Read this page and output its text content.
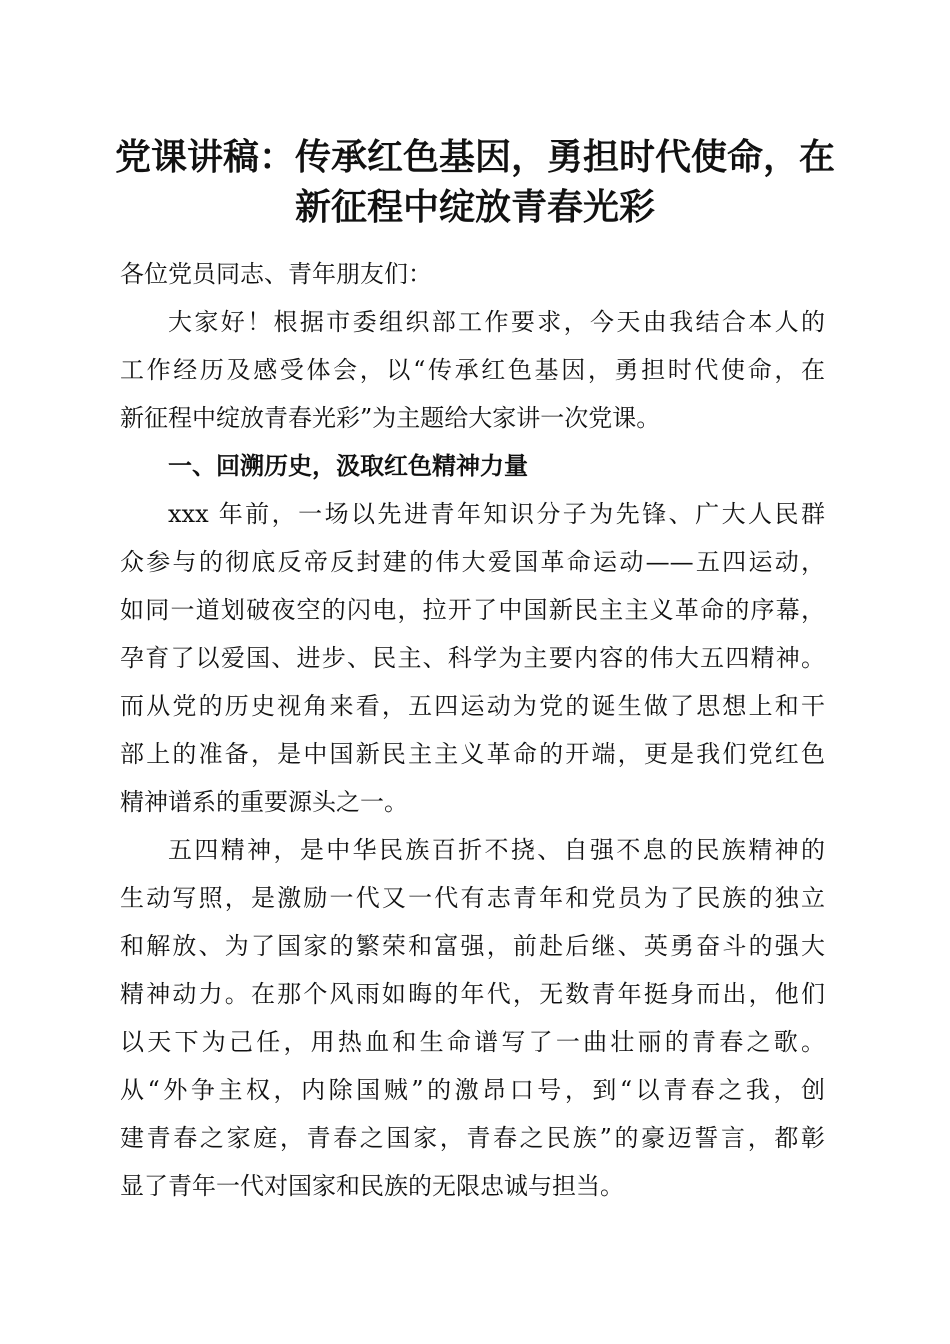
党课讲稿：传承红色基因，勇担时代使命，在
新征程中绽放青春光彩
各位党员同志、青年朋友们：
大家好！根据市委组织部工作要求，今天由我结合本人的
工作经历及感受体会，以“传承红色基因，勇担时代使命，在
新征程中绽放青春光彩”为主题给大家讲一次党课。
一、回溯历史，汲取红色精神力量
xxx 年前，一场以先进青年知识分子为先锋、广大人民群
众参与的彻底反帝反封建的伟大爱国革命运动——五四运动，
如同一道划破夜空的闪电，拉开了中国新民主主义革命的序幕，
孕育了以爱国、进步、民主、科学为主要内容的伟大五四精神。
而从党的历史视角来看，五四运动为党的诞生做了思想上和干
部上的准备，是中国新民主主义革命的开端，更是我们党红色
精神谱系的重要源头之一。
五四精神，是中华民族百折不挠、自强不息的民族精神的
生动写照，是激励一代又一代有志青年和党员为了民族的独立
和解放、为了国家的繁荣和富强，前赴后继、英勇奋斗的强大
精神动力。在那个风雨如晦的年代，无数青年挺身而出，他们
以天下为己任，用热血和生命谱写了一曲壮丽的青春之歌。
从“外争主权，内除国贼”的激昂口号，到“以青春之我，创
建青春之家庭，青春之国家，青春之民族”的豪迈誓言，都彰
显了青年一代对国家和民族的无限忠诚与担当。
